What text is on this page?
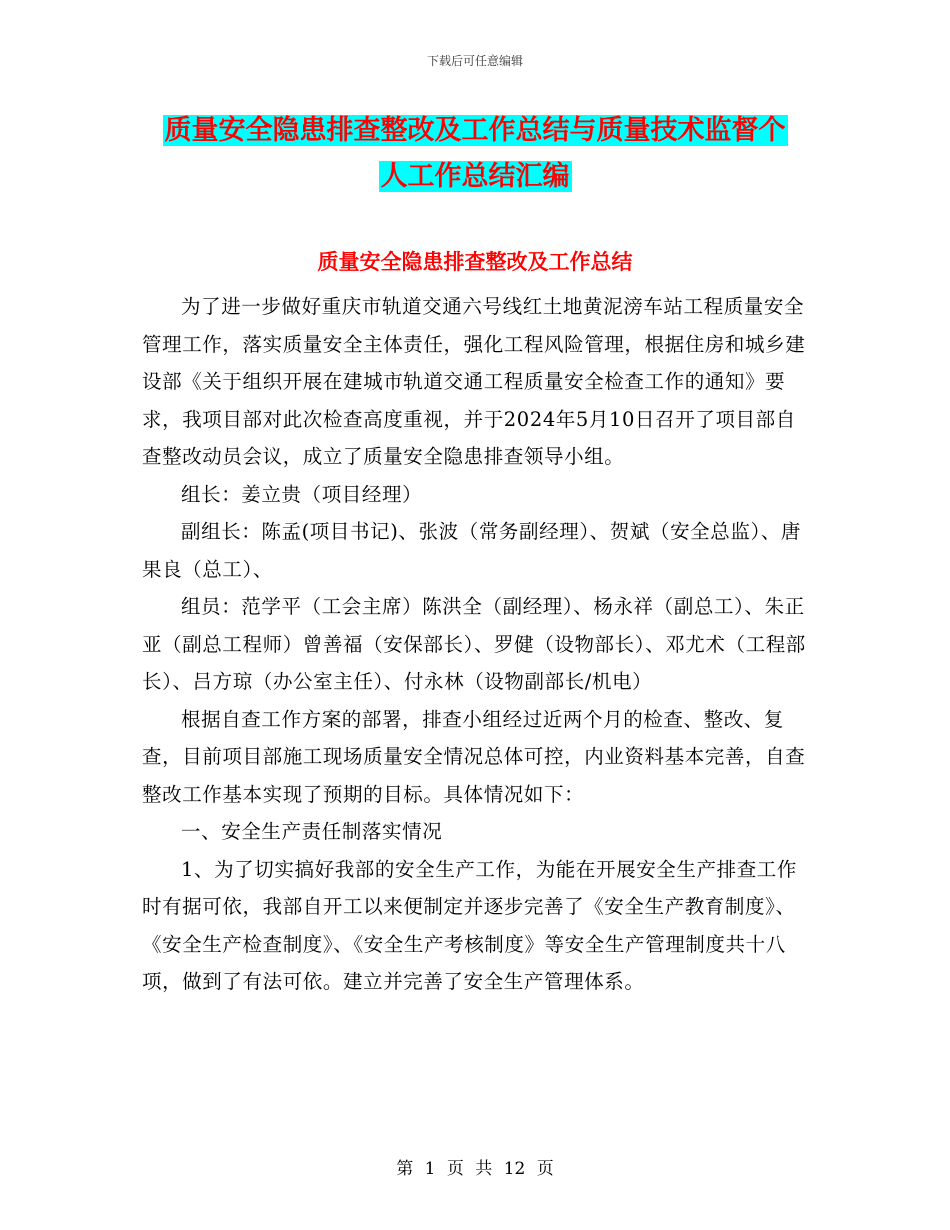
下载后可任意编辑
质量安全隐患排查整改及工作总结与质量技术监督个
人工作总结汇编
质量安全隐患排查整改及工作总结

为了进一步做好重庆市轨道交通六号线红土地黄泥滂车站工程质量安全管理工作，落实质量安全主体责任，强化工程风险管理，根据住房和城乡建设部《关于组织开展在建城市轨道交通工程质量安全检查工作的通知》要求，我项目部对此次检查高度重视，并于2024年5月10日召开了项目部自查整改动员会议，成立了质量安全隐患排查领导小组。

组长：姜立贵（项目经理）

副组长：陈孟(项目书记)、张波（常务副经理）、贺斌（安全总监）、唐果良（总工）、

组员：范学平（工会主席）陈洪全（副经理）、杨永祥（副总工）、朱正亚（副总工程师）曾善福（安保部长）、罗健（设物部长）、邓尤术（工程部长）、吕方琼（办公室主任）、付永林（设物副部长/机电）

根据自查工作方案的部署，排查小组经过近两个月的检查、整改、复查，目前项目部施工现场质量安全情况总体可控，内业资料基本完善，自查整改工作基本实现了预期的目标。具体情况如下：

一、安全生产责任制落实情况

1、为了切实搞好我部的安全生产工作，为能在开展安全生产排查工作时有据可依，我部自开工以来便制定并逐步完善了《安全生产教育制度》、《安全生产检查制度》、《安全生产考核制度》等安全生产管理制度共十八项，做到了有法可依。建立并完善了安全生产管理体系。

第 1 页 共 12 页
